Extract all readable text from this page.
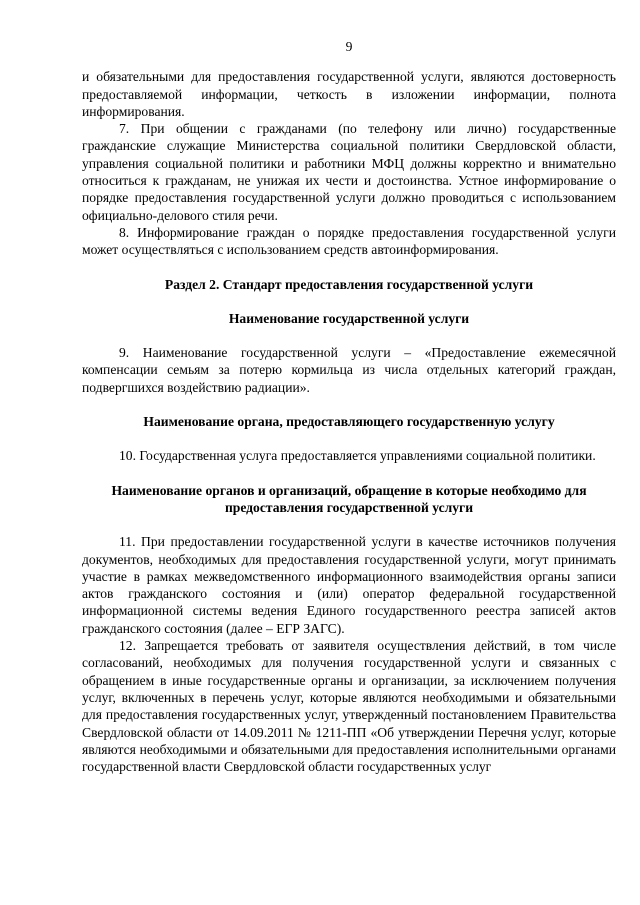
9

и обязательными для предоставления государственной услуги, являются достоверность предоставляемой информации, четкость в изложении информации, полнота информирования.

7. При общении с гражданами (по телефону или лично) государственные гражданские служащие Министерства социальной политики Свердловской области, управления социальной политики и работники МФЦ должны корректно и внимательно относиться к гражданам, не унижая их чести и достоинства. Устное информирование о порядке предоставления государственной услуги должно проводиться с использованием официально-делового стиля речи.

8. Информирование граждан о порядке предоставления государственной услуги может осуществляться с использованием средств автоинформирования.

Раздел 2. Стандарт предоставления государственной услуги
Наименование государственной услуги

9. Наименование государственной услуги – «Предоставление ежемесячной компенсации семьям за потерю кормильца из числа отдельных категорий граждан, подвергшихся воздействию радиации».

Наименование органа, предоставляющего государственную услугу

10. Государственная услуга предоставляется управлениями социальной политики.

Наименование органов и организаций, обращение в которые необходимо для
предоставления государственной услуги

11. При предоставлении государственной услуги в качестве источников получения документов, необходимых для предоставления государственной услуги, могут принимать участие в рамках межведомственного информационного взаимодействия органы записи актов гражданского состояния и (или) оператор федеральной государственной информационной системы ведения Единого государственного реестра записей актов гражданского состояния (далее – ЕГР ЗАГС).

12. Запрещается требовать от заявителя осуществления действий, в том числе согласований, необходимых для получения государственной услуги и связанных с обращением в иные государственные органы и организации, за исключением получения услуг, включенных в перечень услуг, которые являются необходимыми и обязательными для предоставления государственных услуг, утвержденный постановлением Правительства Свердловской области от 14.09.2011 № 1211-ПП «Об утверждении Перечня услуг, которые являются необходимыми и обязательными для предоставления исполнительными органами государственной власти Свердловской области государственных услуг
